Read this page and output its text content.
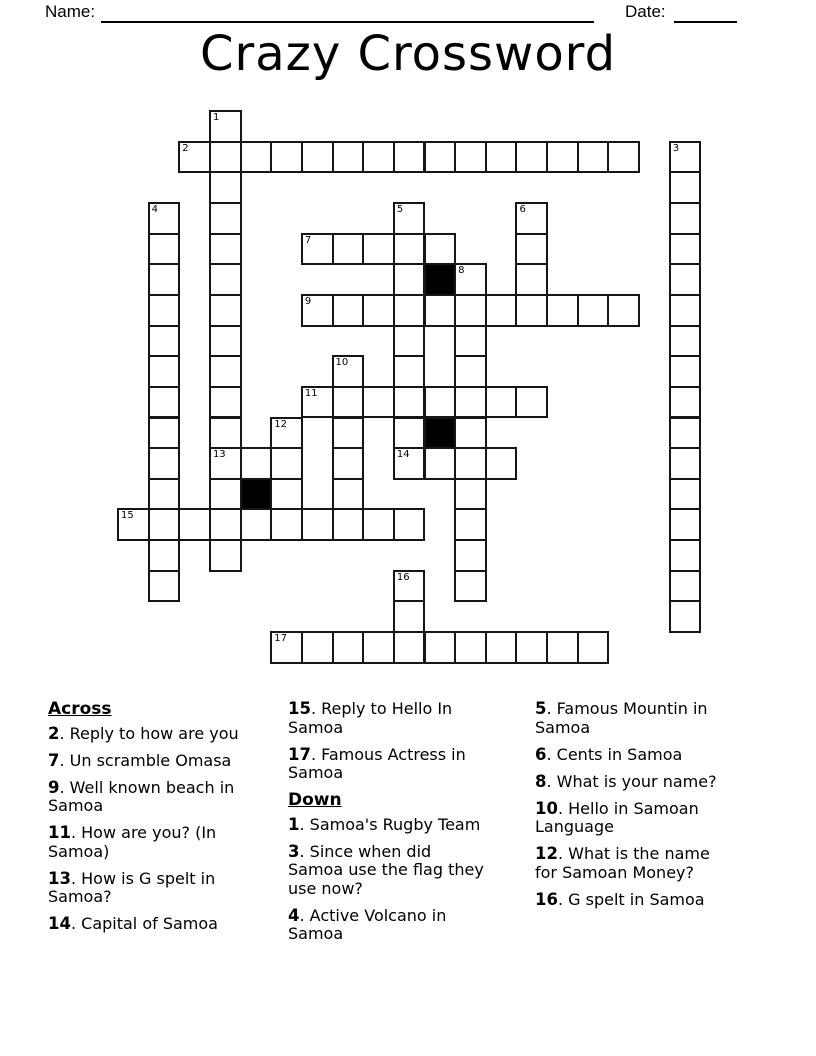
Name:	Date:
Crazy Crossword
1
2	3
4	5	6
7
8
9
10
11
12
13	14
15
16
17

Across

2. Reply to how are you

7. Un scramble Omasa

9. Well known beach in
Samoa

11. How are you? (In
Samoa)

13. How is G spelt in
Samoa?

14. Capital of Samoa

15. Reply to Hello In
Samoa

17. Famous Actress in
Samoa

Down

1. Samoa's Rugby Team

3. Since when did
Samoa use the flag they
use now?

4. Active Volcano in
Samoa

5. Famous Mountin in
Samoa

6. Cents in Samoa

8. What is your name?

10. Hello in Samoan
Language

12. What is the name
for Samoan Money?

16. G spelt in Samoa
